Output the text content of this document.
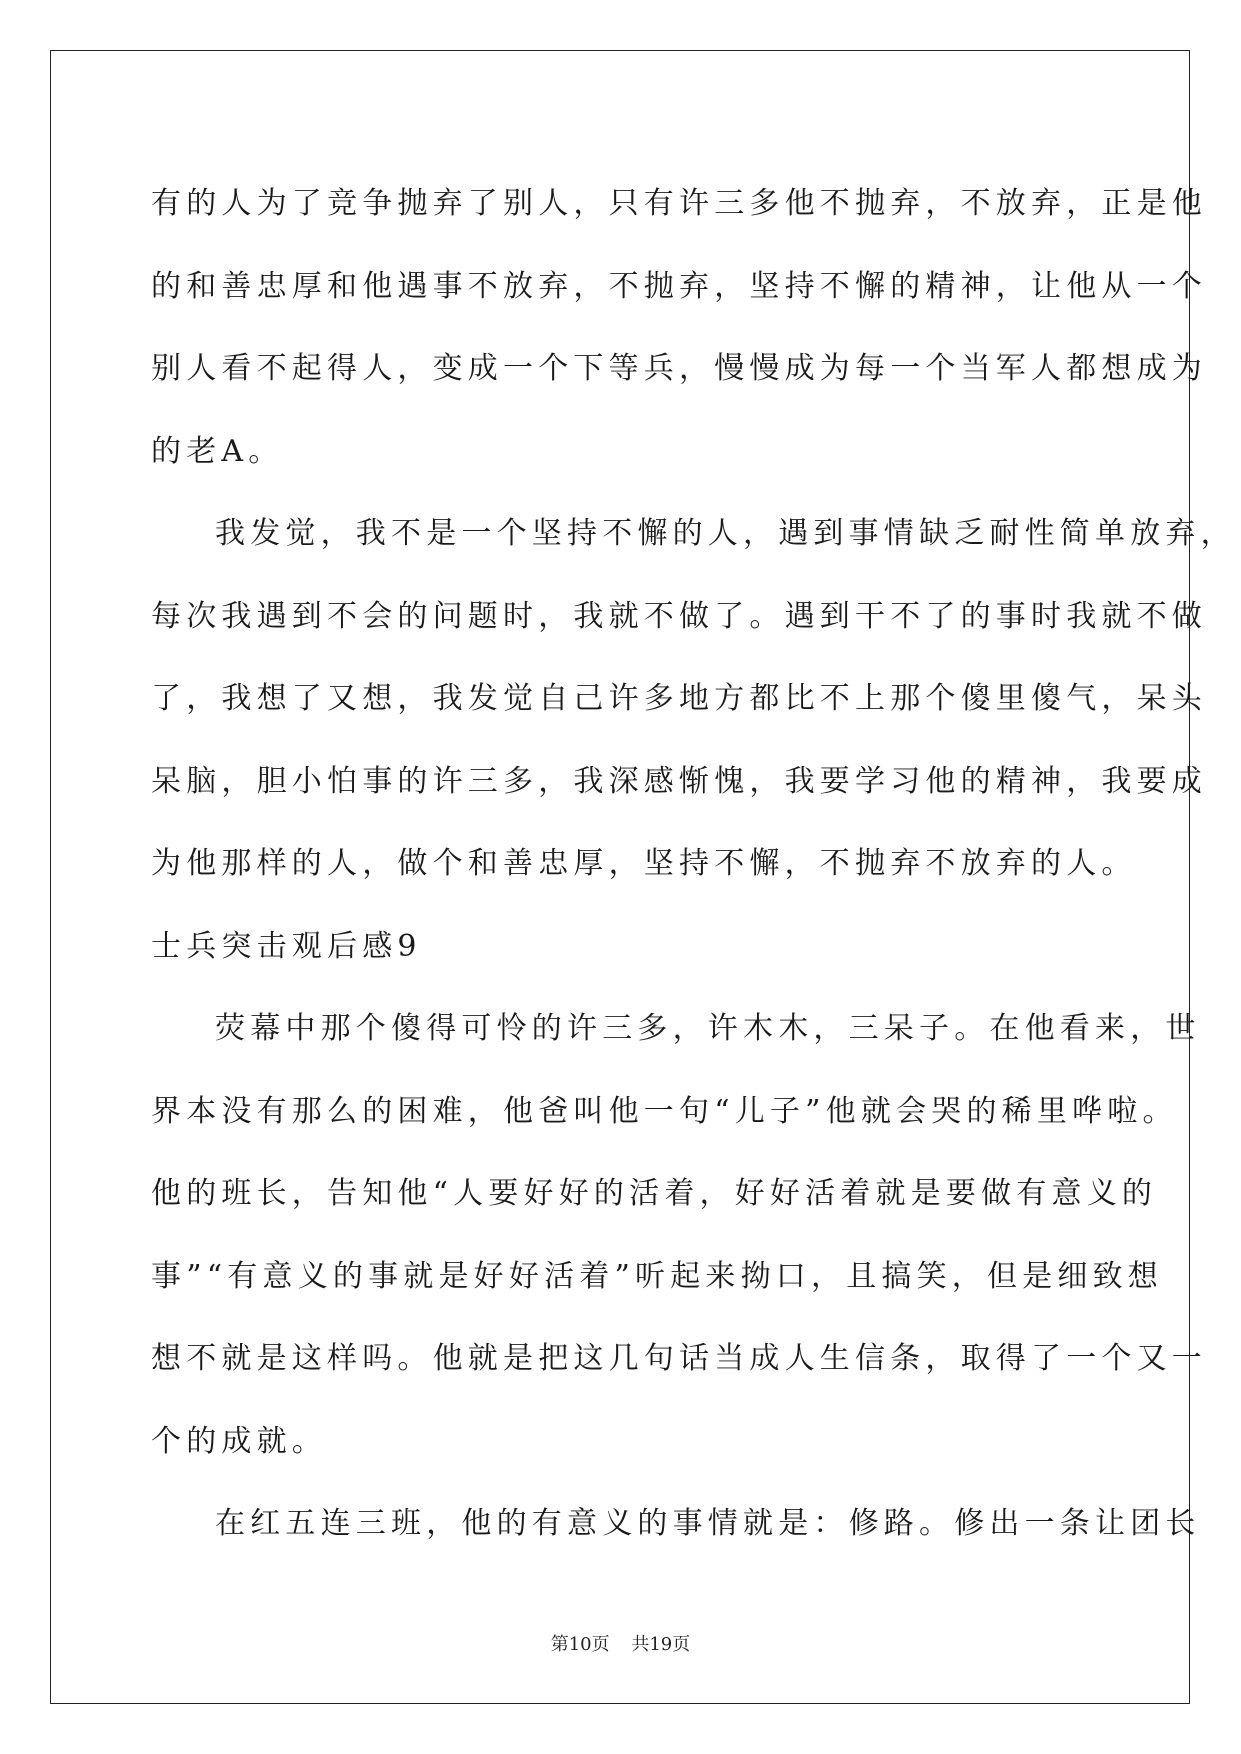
有的人为了竞争抛弃了别人，只有许三多他不抛弃，不放弃，正是他
的和善忠厚和他遇事不放弃，不抛弃，坚持不懈的精神，让他从一个
别人看不起得人，变成一个下等兵，慢慢成为每一个当军人都想成为
的老A。
我发觉，我不是一个坚持不懈的人，遇到事情缺乏耐性简单放弃，
每次我遇到不会的问题时，我就不做了。遇到干不了的事时我就不做
了，我想了又想，我发觉自己许多地方都比不上那个傻里傻气，呆头
呆脑，胆小怕事的许三多，我深感惭愧，我要学习他的精神，我要成
为他那样的人，做个和善忠厚，坚持不懈，不抛弃不放弃的人。
士兵突击观后感9
荧幕中那个傻得可怜的许三多，许木木，三呆子。在他看来，世
界本没有那么的困难，他爸叫他一句“儿子”他就会哭的稀里哗啦。
他的班长，告知他“人要好好的活着，好好活着就是要做有意义的
事”“有意义的事就是好好活着”听起来拗口，且搞笑，但是细致想
想不就是这样吗。他就是把这几句话当成人生信条，取得了一个又一
个的成就。
在红五连三班，他的有意义的事情就是：修路。修出一条让团长
第10页 共19页
